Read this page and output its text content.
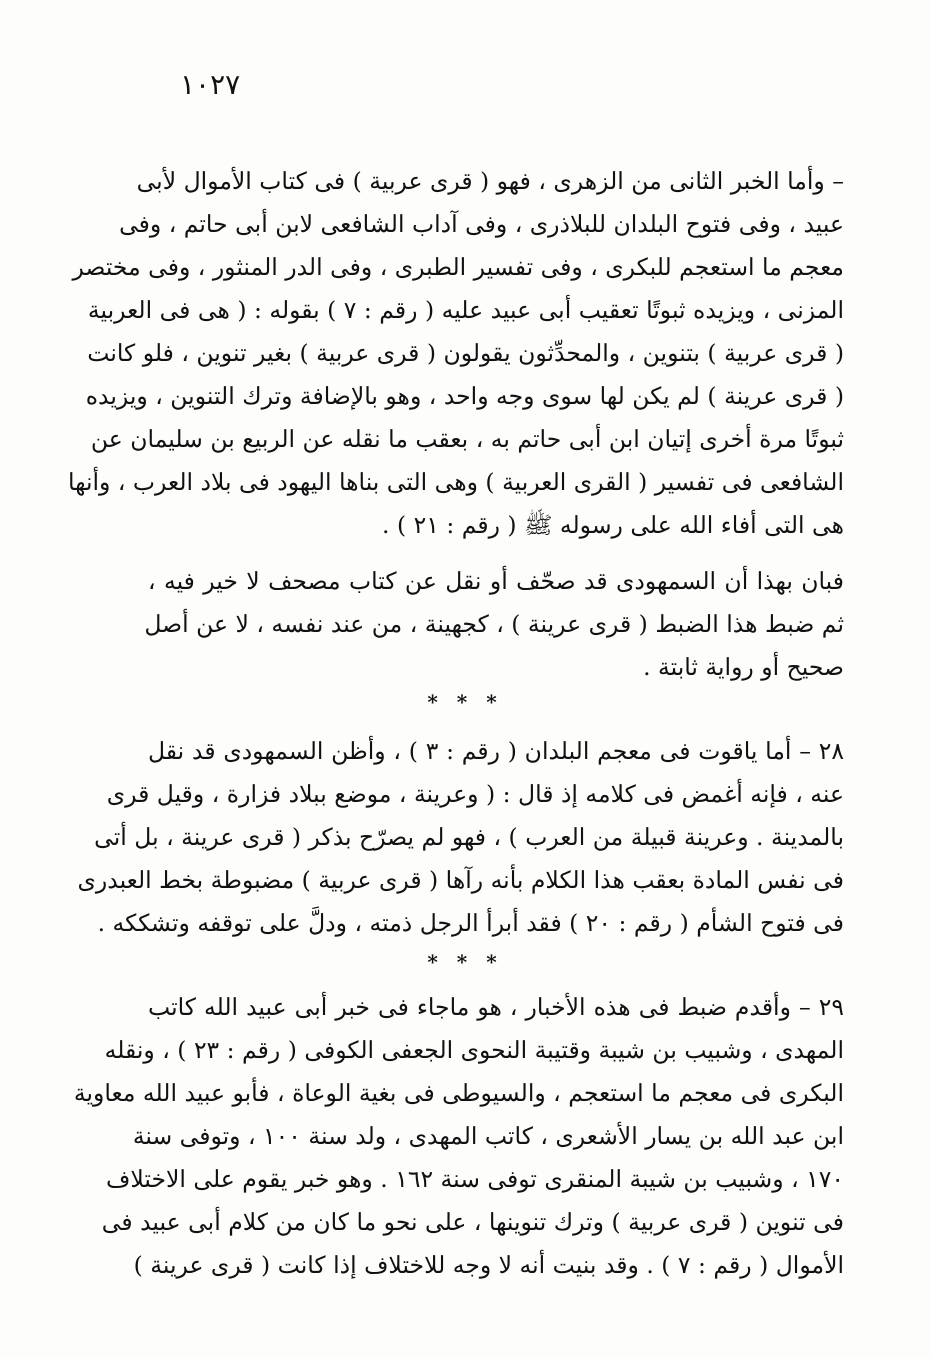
١٠٢٧
– وأما الخبر الثانى من الزهرى ، فهو ( قرى عربية ) فى كتاب الأموال لأبى
عبيد ، وفى فتوح البلدان للبلاذرى ، وفى آداب الشافعى لابن أبى حاتم ، وفى
معجم ما استعجم للبكرى ، وفى تفسير الطبرى ، وفى الدر المنثور ، وفى مختصر
المزنى ، ويزيده ثبوتًا تعقيب أبى عبيد عليه ( رقم : ٧ ) بقوله : ( هى فى العربية
( قرى عربية ) بتنوين ، والمحدِّثون يقولون ( قرى عربية ) بغير تنوين ، فلو كانت
( قرى عرينة ) لم يكن لها سوى وجه واحد ، وهو بالإضافة وترك التنوين ، ويزيده
ثبوتًا مرة أخرى إتيان ابن أبى حاتم به ، بعقب ما نقله عن الربيع بن سليمان عن
الشافعى فى تفسير ( القرى العربية ) وهى التى بناها اليهود فى بلاد العرب ، وأنها
هى التى أفاء الله على رسوله ﷺ ( رقم : ٢١ ) .
فبان بهذا أن السمهودى قد صحّف أو نقل عن كتاب مصحف لا خير فيه ،
ثم ضبط هذا الضبط ( قرى عرينة ) ، كجهينة ، من عند نفسه ، لا عن أصل
صحيح أو رواية ثابتة .
* * *
٢٨ – أما ياقوت فى معجم البلدان ( رقم : ٣ ) ، وأظن السمهودى قد نقل
عنه ، فإنه أغمض فى كلامه إذ قال : ( وعرينة ، موضع ببلاد فزارة ، وقيل قرى
بالمدينة . وعرينة قبيلة من العرب ) ، فهو لم يصرّح بذكر ( قرى عرينة ، بل أتى
فى نفس المادة بعقب هذا الكلام بأنه رآها ( قرى عربية ) مضبوطة بخط العبدرى
فى فتوح الشأم ( رقم : ٢٠ ) فقد أبرأ الرجل ذمته ، ودلَّ على توقفه وتشككه .
* * *
٢٩ – وأقدم ضبط فى هذه الأخبار ، هو ماجاء فى خبر أبى عبيد الله كاتب
المهدى ، وشبيب بن شيبة وقتيبة النحوى الجعفى الكوفى ( رقم : ٢٣ ) ، ونقله
البكرى فى معجم ما استعجم ، والسيوطى فى بغية الوعاة ، فأبو عبيد الله معاوية
ابن عبد الله بن يسار الأشعرى ، كاتب المهدى ، ولد سنة ١٠٠ ، وتوفى سنة
١٧٠ ، وشبيب بن شيبة المنقرى توفى سنة ١٦٢ . وهو خبر يقوم على الاختلاف
فى تنوين ( قرى عربية ) وترك تنوينها ، على نحو ما كان من كلام أبى عبيد فى
الأموال ( رقم : ٧ ) . وقد بنيت أنه لا وجه للاختلاف إذا كانت ( قرى عرينة )
